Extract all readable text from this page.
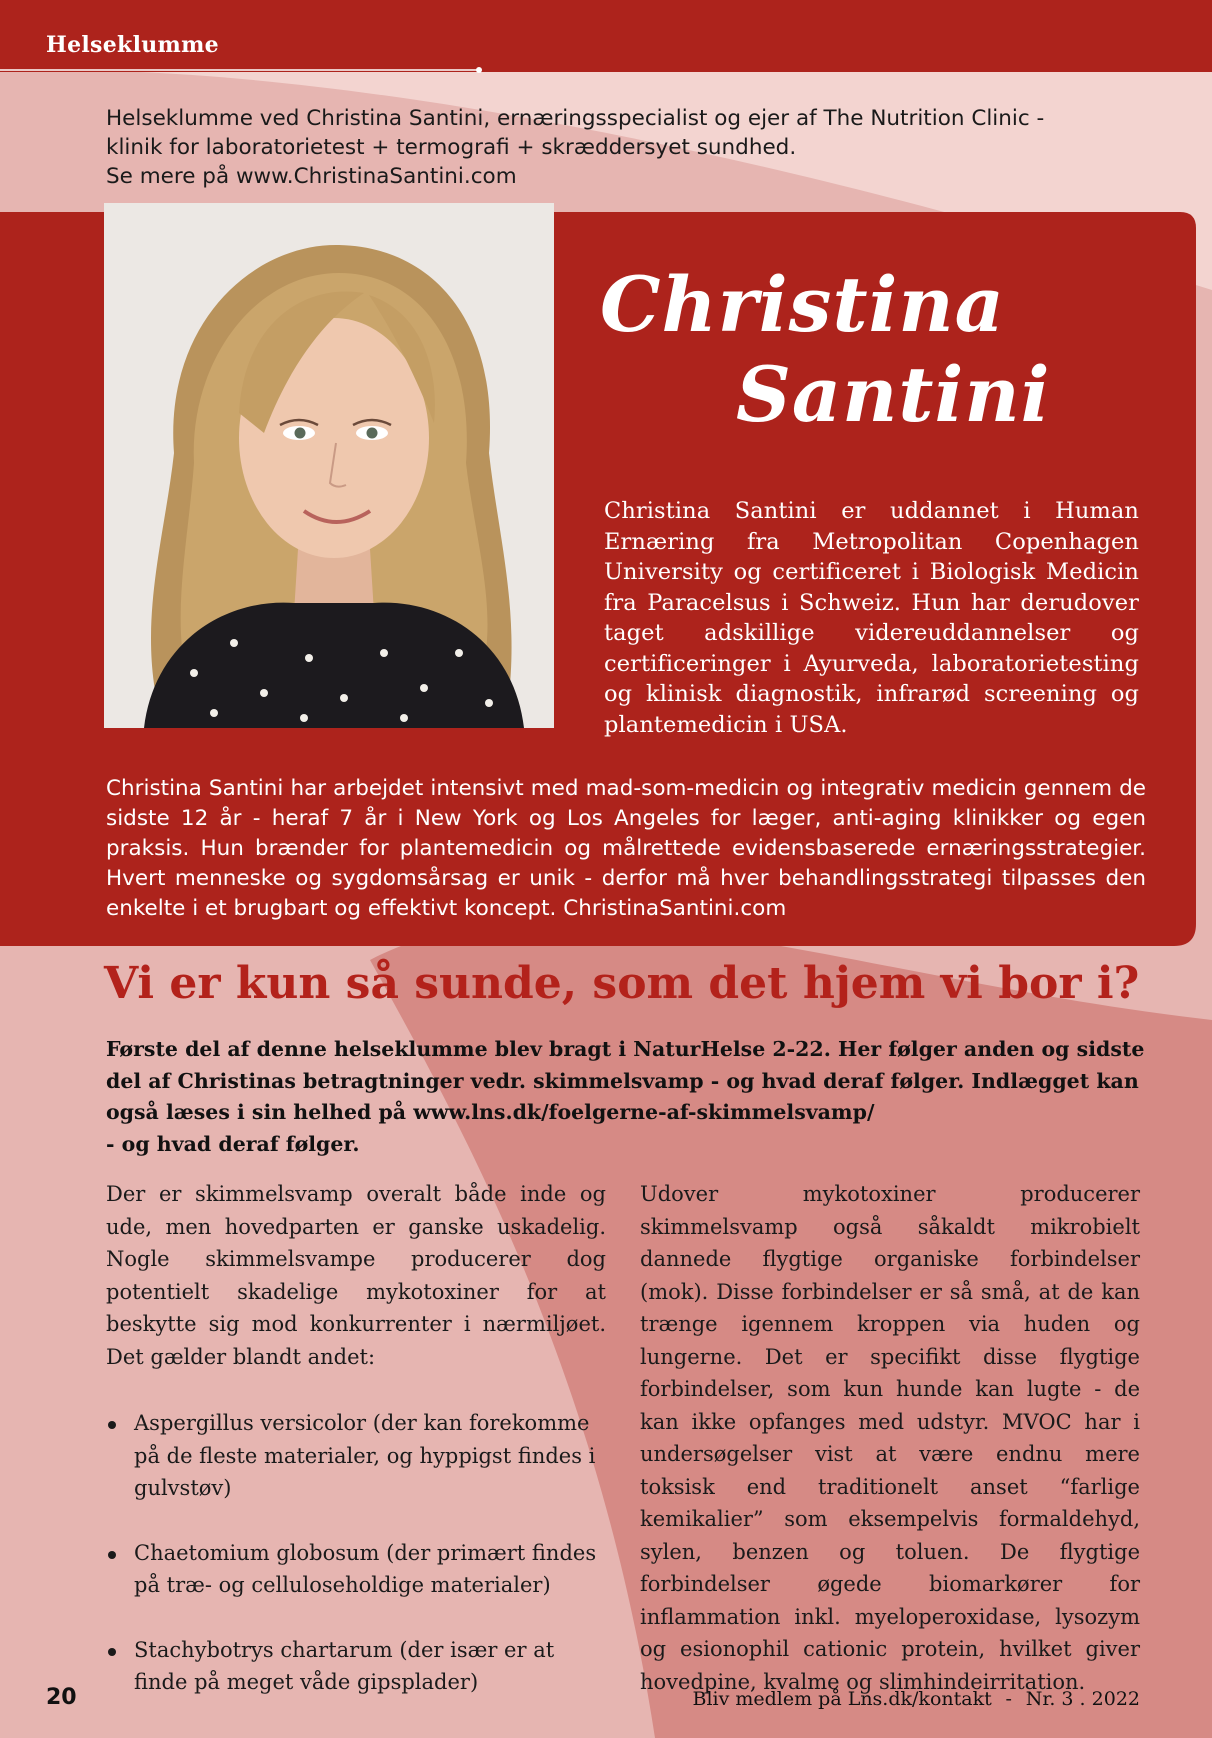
Helseklumme
Helseklumme ved Christina Santini, ernæringsspecialist og ejer af The Nutrition Clinic -
klinik for laboratorietest + termografi + skræddersyet sundhed.
Se mere på www.ChristinaSantini.com
Christina
Santini
Christina Santini er uddannet i Human Ernæring fra Metropolitan Copenhagen University og certificeret i Biologisk Medicin fra Paracelsus i Schweiz. Hun har derudover taget adskillige videreuddannelser og certificeringer i Ayurveda, laboratorietesting og klinisk diagnostik, infrarød screening og plantemedicin i USA.
Christina Santini har arbejdet intensivt med mad-som-medicin og integrativ medicin gennem de sidste 12 år - heraf 7 år i New York og Los Angeles for læger, anti-aging klinikker og egen praksis. Hun brænder for plantemedicin og målrettede evidensbaserede ernæringsstrategier. Hvert menneske og sygdomsårsag er unik - derfor må hver behandlingsstrategi tilpasses den enkelte i et brugbart og effektivt koncept. ChristinaSantini.com
Vi er kun så sunde, som det hjem vi bor i?
Første del af denne helseklumme blev bragt i NaturHelse 2-22. Her følger anden og sidste
del af Christinas betragtninger vedr. skimmelsvamp - og hvad deraf følger. Indlægget kan
også læses i sin helhed på www.lns.dk/foelgerne-af-skimmelsvamp/
- og hvad deraf følger.

Der er skimmelsvamp overalt både inde og ude, men hovedparten er ganske uskadelig. Nogle skimmelsvampe producerer dog potentielt skadelige mykotoxiner for at beskytte sig mod konkurrenter i nærmiljøet. Det gælder blandt andet:

Aspergillus versicolor (der kan forekomme på de fleste materialer, og hyppigst findes i gulvstøv)
Chaetomium globosum (der primært findes på træ- og celluloseholdige materialer)
Stachybotrys chartarum (der især er at finde på meget våde gipsplader)

Udover mykotoxiner producerer skimmelsvamp også såkaldt mikrobielt dannede flygtige organiske forbindelser (mok). Disse forbindelser er så små, at de kan trænge igennem kroppen via huden og lungerne. Det er specifikt disse flygtige forbindelser, som kun hunde kan lugte - de kan ikke opfanges med udstyr. MVOC har i undersøgelser vist at være endnu mere toksisk end traditionelt anset “farlige kemikalier” som eksempelvis formaldehyd, sylen, benzen og toluen. De flygtige forbindelser øgede biomarkører for inflammation inkl. myeloperoxidase, lysozym og esionophil cationic protein, hvilket giver hovedpine, kvalme og slimhindeirritation.

20	Bliv medlem på Lns.dk/kontakt - Nr. 3 . 2022
